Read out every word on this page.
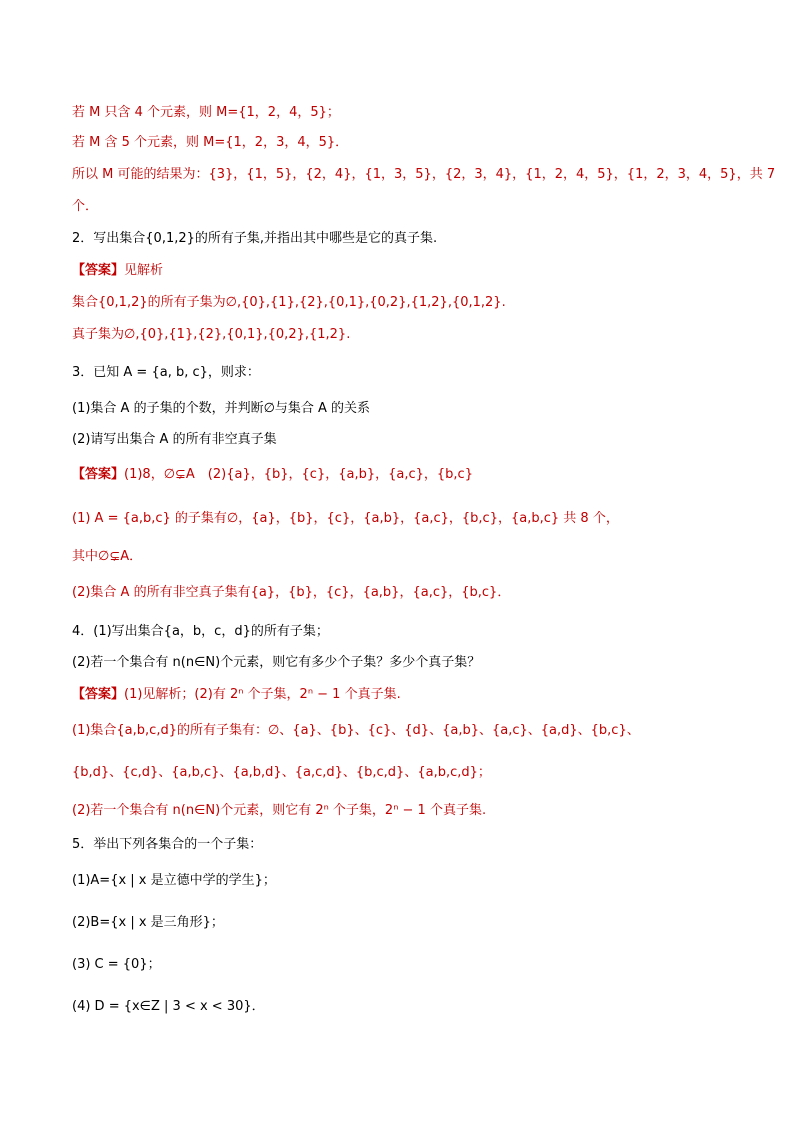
若 M 只含 4 个元素，则 M={1，2，4，5}；
若 M 含 5 个元素，则 M={1，2，3，4，5}．
所以 M 可能的结果为：{3}，{1，5}，{2，4}，{1，3，5}，{2，3，4}，{1，2，4，5}，{1，2，3，4，5}，共 7
个．
2．写出集合{0,1,2}的所有子集,并指出其中哪些是它的真子集.
【答案】见解析
集合{0,1,2}的所有子集为∅,{0},{1},{2},{0,1},{0,2},{1,2},{0,1,2}.
真子集为∅,{0},{1},{2},{0,1},{0,2},{1,2}.
3．已知 A = {a, b, c}，则求：
(1)集合 A 的子集的个数，并判断∅与集合 A 的关系
(2)请写出集合 A 的所有非空真子集
【答案】(1)8，∅⊊A　(2){a}，{b}，{c}，{a,b}，{a,c}，{b,c}
(1) A = {a,b,c} 的子集有∅，{a}，{b}，{c}，{a,b}，{a,c}，{b,c}，{a,b,c} 共 8 个，
其中∅⊊A．
(2)集合 A 的所有非空真子集有{a}，{b}，{c}，{a,b}，{a,c}，{b,c}．
4．(1)写出集合{a，b，c，d}的所有子集；
(2)若一个集合有 n(n∈N)个元素，则它有多少个子集？多少个真子集？
【答案】(1)见解析；(2)有 2ⁿ 个子集，2ⁿ − 1 个真子集.
(1)集合{a,b,c,d}的所有子集有：∅、{a}、{b}、{c}、{d}、{a,b}、{a,c}、{a,d}、{b,c}、
{b,d}、{c,d}、{a,b,c}、{a,b,d}、{a,c,d}、{b,c,d}、{a,b,c,d}；
(2)若一个集合有 n(n∈N)个元素，则它有 2ⁿ 个子集，2ⁿ − 1 个真子集.
5．举出下列各集合的一个子集：
(1)A={x | x 是立德中学的学生}；
(2)B={x | x 是三角形}；
(3) C = {0}；
(4) D = {x∈Z | 3 < x < 30}．
